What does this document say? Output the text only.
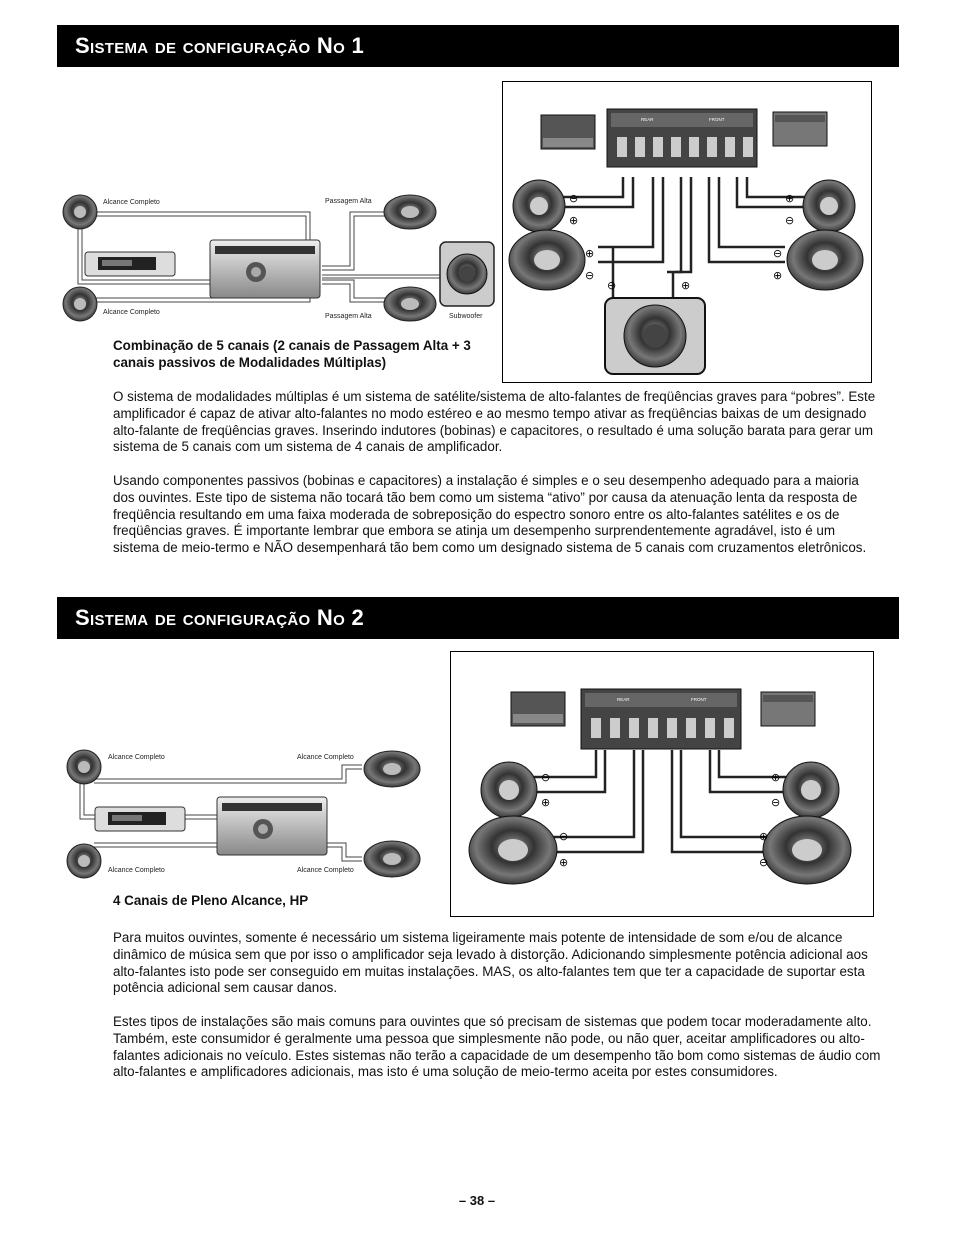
Sistema de configuração No 1
Alcance Completo
Alcance Completo
Passagem Alta
Passagem Alta	Subwoofer
REAR	FRONT
⊖
⊕
⊕
⊖
⊕
⊖
⊖
⊕
⊖	⊕

Combinação de 5 canais (2 canais de Passagem Alta + 3 canais passivos de Modalidades Múltiplas)

O sistema de modalidades múltiplas é um sistema de satélite/sistema de alto-falantes de freqüências graves para “pobres”. Este amplificador é capaz de ativar alto-falantes no modo estéreo e ao mesmo tempo ativar as freqüências baixas de um designado alto-falante de freqüências graves. Inserindo indutores (bobinas) e capacitores, o resultado é uma solução barata para gerar um sistema de 5 canais com um sistema de 4 canais de amplificador.

Usando componentes passivos (bobinas e capacitores) a instalação é simples e o seu desempenho adequado para a maioria dos ouvintes. Este tipo de sistema não tocará tão bem como um sistema “ativo” por causa da atenuação lenta da resposta de freqüência resultando em uma faixa moderada de sobreposição do espectro sonoro entre os alto-falantes satélites e os de freqüências graves. É importante lembrar que embora se atinja um desempenho surprendentemente agradável, isto é um sistema de meio-termo e NÃO desempenhará tão bem como um designado sistema de 5 canais com cruzamentos eletrônicos.

Sistema de configuração No 2
Alcance Completo	Alcance Completo
Alcance Completo	Alcance Completo
REAR	FRONT
⊖
⊕
⊕
⊖
⊖
⊕
⊕
⊖

4 Canais de Pleno Alcance, HP

Para muitos ouvintes, somente é necessário um sistema ligeiramente mais potente de intensidade de som e/ou de alcance dinâmico de música sem que por isso o amplificador seja levado à distorção. Adicionando simplesmente potência adicional aos alto-falantes isto pode ser conseguido em muitas instalações. MAS, os alto-falantes tem que ter a capacidade de suportar esta potência adicional sem causar danos.

Estes tipos de instalações são mais comuns para ouvintes que só precisam de sistemas que podem tocar moderadamente alto. Também, este consumidor é geralmente uma pessoa que simplesmente não pode, ou não quer, aceitar amplificadores ou alto-falantes adicionais no veículo. Estes sistemas não terão a capacidade de um desempenho tão bom como sistemas de áudio com alto-falantes e amplificadores adicionais, mas isto é uma solução de meio-termo aceita por estes consumidores.

– 38 –
